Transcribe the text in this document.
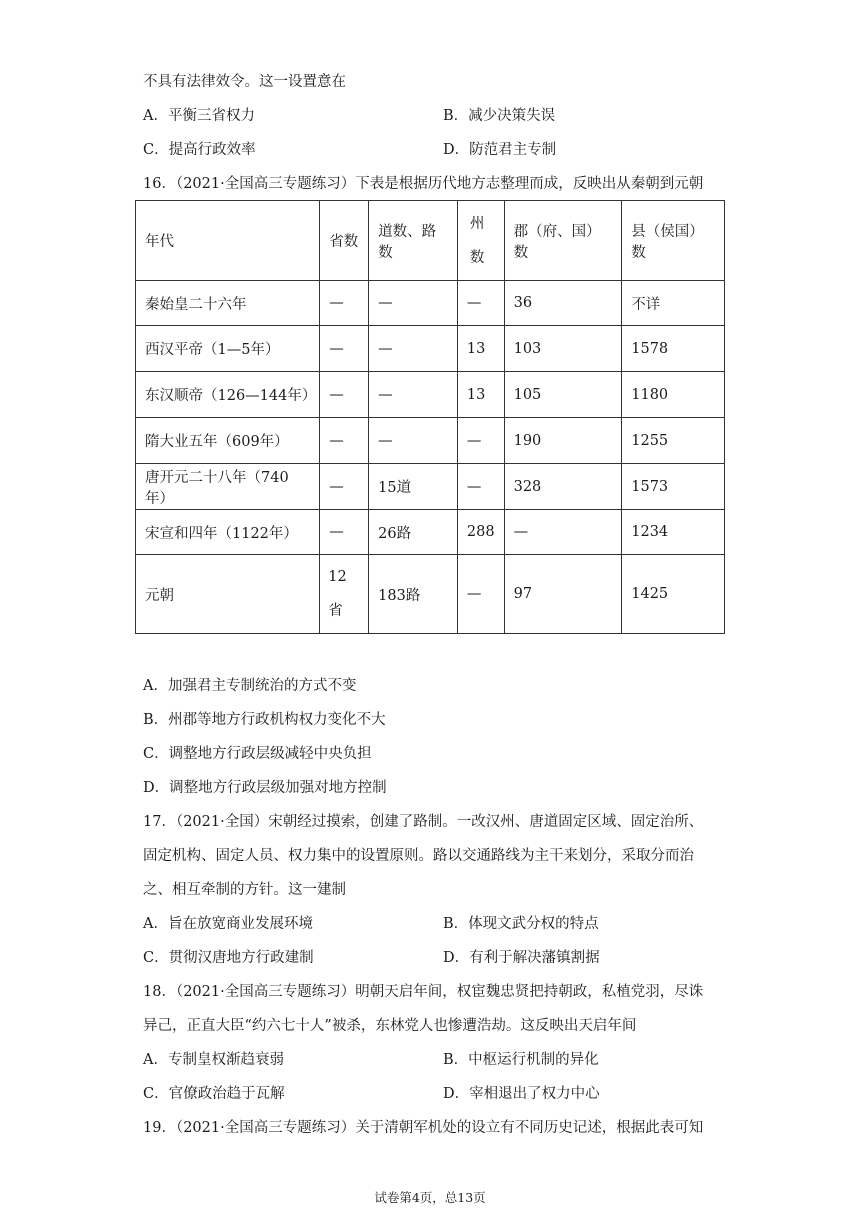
不具有法律效令。这一设置意在
A．平衡三省权力	B．减少决策失误
C．提高行政效率	D．防范君主专制
16．（2021·全国高三专题练习）下表是根据历代地方志整理而成，反映出从秦朝到元朝
年代	省数	道数、路数	州数	郡（府、国）数	县（侯国）数
秦始皇二十六年	—	—	—	36	不详
西汉平帝（1—5年）	—	—	13	103	1578
东汉顺帝（126—144年）	—	—	13	105	1180
隋大业五年（609年）	—	—	—	190	1255
唐开元二十八年（740年）	—	15道	—	328	1573
宋宣和四年（1122年）	—	26路	288	—	1234
元朝	12省	183路	—	97	1425
A．加强君主专制统治的方式不变
B．州郡等地方行政机构权力变化不大
C．调整地方行政层级减轻中央负担
D．调整地方行政层级加强对地方控制
17．（2021·全国）宋朝经过摸索，创建了路制。一改汉州、唐道固定区域、固定治所、
固定机构、固定人员、权力集中的设置原则。路以交通路线为主干来划分，采取分而治
之、相互牵制的方针。这一建制
A．旨在放宽商业发展环境	B．体现文武分权的特点
C．贯彻汉唐地方行政建制	D．有利于解决藩镇割据
18．（2021·全国高三专题练习）明朝天启年间，权宦魏忠贤把持朝政，私植党羽，尽诛
异己，正直大臣“约六七十人”被杀，东林党人也惨遭浩劫。这反映出天启年间
A．专制皇权渐趋衰弱	B．中枢运行机制的异化
C．官僚政治趋于瓦解	D．宰相退出了权力中心
19．（2021·全国高三专题练习）关于清朝军机处的设立有不同历史记述，根据此表可知
试卷第4页，总13页
